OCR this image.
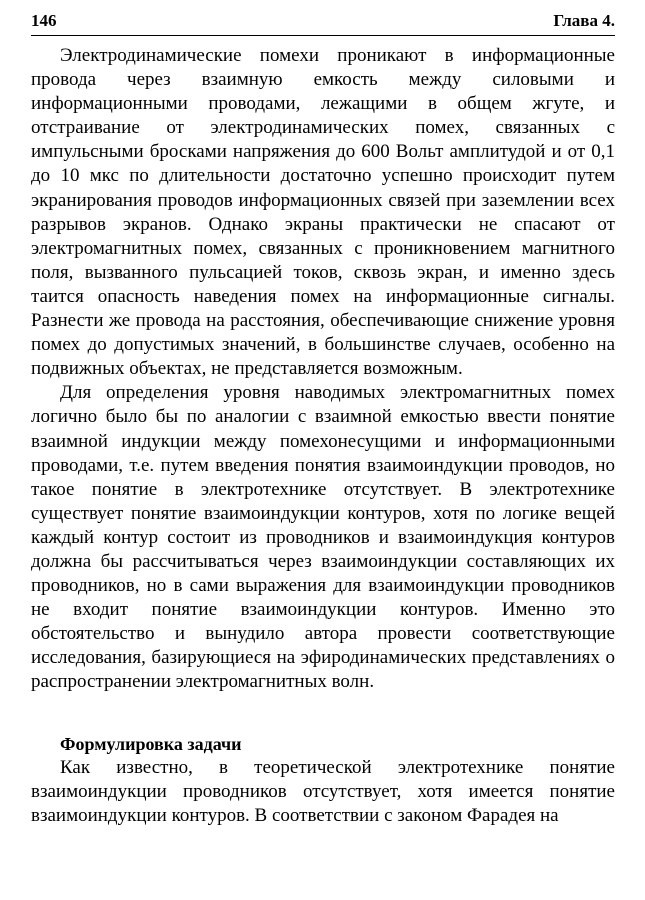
146	Глава 4.

Электродинамические помехи проникают в информационные провода через взаимную емкость между силовыми и информационными проводами, лежащими в общем жгуте, и отстраивание от электродинамических помех, связанных с импульсными бросками напряжения до 600 Вольт амплитудой и от 0,1 до 10 мкс по длительности достаточно успешно происходит путем экранирования проводов информационных связей при заземлении всех разрывов экранов. Однако экраны практически не спасают от электромагнитных помех, связанных с проникновением магнитного поля, вызванного пульсацией токов, сквозь экран, и именно здесь таится опасность наведения помех на информационные сигналы. Разнести же провода на расстояния, обеспечивающие снижение уровня помех до допустимых значений, в большинстве случаев, особенно на подвижных объектах, не представляется возможным.

Для определения уровня наводимых электромагнитных помех логично было бы по аналогии с взаимной емкостью ввести понятие взаимной индукции между помехонесущими и информационными проводами, т.е. путем введения понятия взаимоиндукции проводов, но такое понятие в электротехнике отсутствует. В электротехнике существует понятие взаимоиндукции контуров, хотя по логике вещей каждый контур состоит из проводников и взаимоиндукция контуров должна бы рассчитываться через взаимоиндукции составляющих их проводников, но в сами выражения для взаимоиндукции проводников не входит понятие взаимоиндукции контуров. Именно это обстоятельство и вынудило автора провести соответствующие исследования, базирующиеся на эфиродинамических представлениях о распространении электромагнитных волн.

Формулировка задачи

Как известно, в теоретической электротехнике понятие взаимоиндукции проводников отсутствует, хотя имеется понятие взаимоиндукции контуров. В соответствии с законом Фарадея на
